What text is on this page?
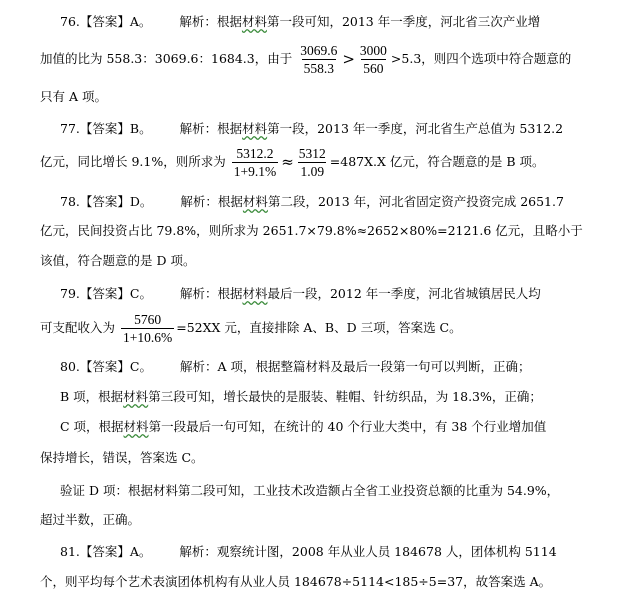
76.【答案】A。 解析：根据材料第一段可知，2013 年一季度，河北省三次产业增
加值的比为 558.3：3069.6：1684.3，由于 $\frac{3069.6}{558.3} > \frac{3000}{560} >5.3$，则四个选项中符合题意的
只有 A 项。
77.【答案】B。 解析：根据材料第一段，2013 年一季度，河北省生产总值为 5312.2
亿元，同比增长 9.1%，则所求为 $\frac{5312.2}{1+9.1\%} \approx \frac{5312}{1.09} =487X.X$ 亿元，符合题意的是 B 项。
78.【答案】D。 解析：根据材料第二段，2013 年，河北省固定资产投资完成 2651.7
亿元，民间投资占比 79.8%，则所求为 2651.7×79.8%≈2652×80%=2121.6 亿元，且略小于
该值，符合题意的是 D 项。
79.【答案】C。 解析：根据材料最后一段，2012 年一季度，河北省城镇居民人均
可支配收入为 $\frac{5760}{1+10.6\%} =52XX$ 元，直接排除 A、B、D 三项，答案选 C。
80.【答案】C。 解析：A 项，根据整篇材料及最后一段第一句可以判断，正确；
B 项，根据材料第三段可知，增长最快的是服装、鞋帽、针纺织品，为 18.3%，正确；
C 项，根据材料第一段最后一句可知，在统计的 40 个行业大类中，有 38 个行业增加值
保持增长，错误，答案选 C。
验证 D 项：根据材料第二段可知，工业技术改造额占全省工业投资总额的比重为 54.9%，
超过半数，正确。
81.【答案】A。 解析：观察统计图，2008 年从业人员 184678 人，团体机构 5114
个，则平均每个艺术表演团体机构有从业人员 184678÷5114<185÷5=37，故答案选 A。
